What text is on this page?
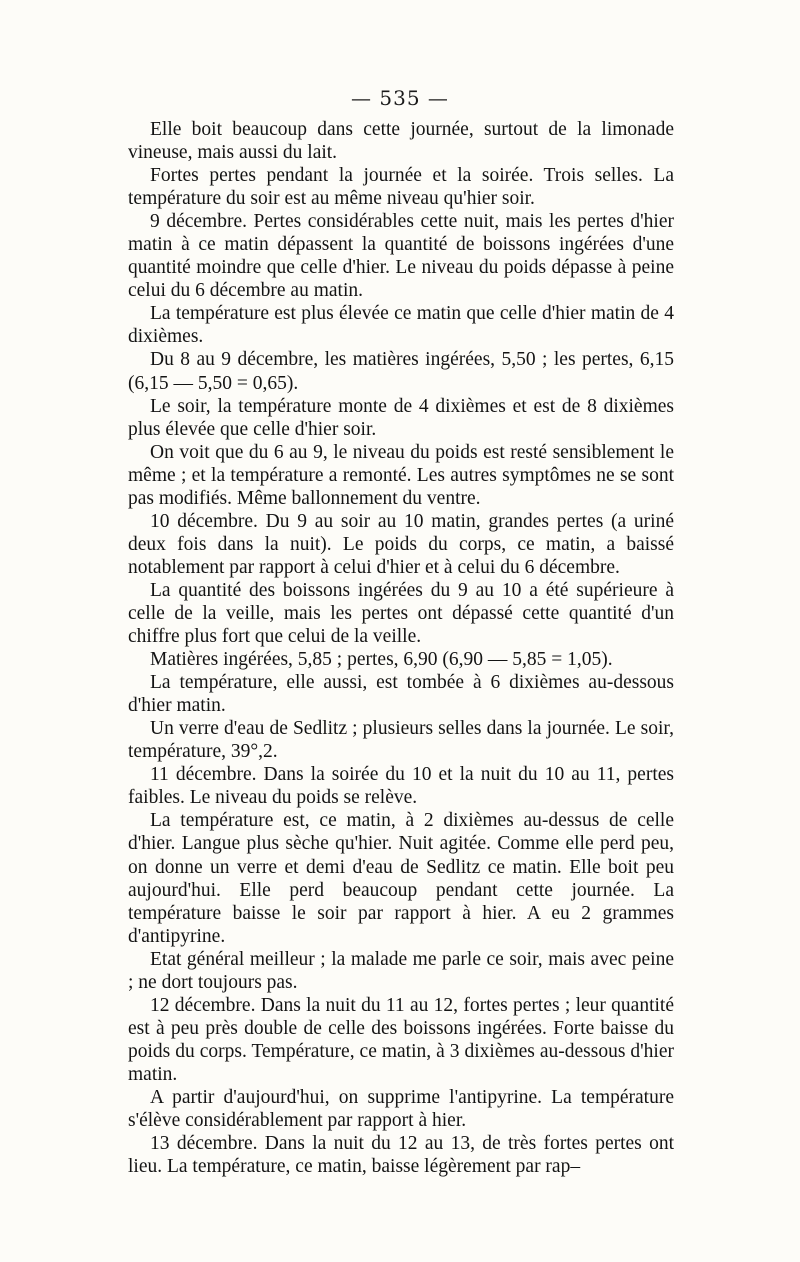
— 535 —

Elle boit beaucoup dans cette journée, surtout de la limonade vineuse, mais aussi du lait.

Fortes pertes pendant la journée et la soirée. Trois selles. La température du soir est au même niveau qu'hier soir.

9 décembre. Pertes considérables cette nuit, mais les pertes d'hier matin à ce matin dépassent la quantité de boissons ingérées d'une quantité moindre que celle d'hier. Le niveau du poids dépasse à peine celui du 6 décembre au matin.

La température est plus élevée ce matin que celle d'hier matin de 4 dixièmes.

Du 8 au 9 décembre, les matières ingérées, 5,50 ; les pertes, 6,15 (6,15 — 5,50 = 0,65).

Le soir, la température monte de 4 dixièmes et est de 8 dixièmes plus élevée que celle d'hier soir.

On voit que du 6 au 9, le niveau du poids est resté sensiblement le même ; et la température a remonté. Les autres symptômes ne se sont pas modifiés. Même ballonnement du ventre.

10 décembre. Du 9 au soir au 10 matin, grandes pertes (a uriné deux fois dans la nuit). Le poids du corps, ce matin, a baissé notablement par rapport à celui d'hier et à celui du 6 décembre.

La quantité des boissons ingérées du 9 au 10 a été supérieure à celle de la veille, mais les pertes ont dépassé cette quantité d'un chiffre plus fort que celui de la veille.

Matières ingérées, 5,85 ; pertes, 6,90 (6,90 — 5,85 = 1,05).

La température, elle aussi, est tombée à 6 dixièmes au-dessous d'hier matin.

Un verre d'eau de Sedlitz ; plusieurs selles dans la journée. Le soir, température, 39°,2.

11 décembre. Dans la soirée du 10 et la nuit du 10 au 11, pertes faibles. Le niveau du poids se relève.

La température est, ce matin, à 2 dixièmes au-dessus de celle d'hier. Langue plus sèche qu'hier. Nuit agitée. Comme elle perd peu, on donne un verre et demi d'eau de Sedlitz ce matin. Elle boit peu aujourd'hui. Elle perd beaucoup pendant cette journée. La température baisse le soir par rapport à hier. A eu 2 grammes d'antipyrine.

Etat général meilleur ; la malade me parle ce soir, mais avec peine ; ne dort toujours pas.

12 décembre. Dans la nuit du 11 au 12, fortes pertes ; leur quantité est à peu près double de celle des boissons ingérées. Forte baisse du poids du corps. Température, ce matin, à 3 dixièmes au-dessous d'hier matin.

A partir d'aujourd'hui, on supprime l'antipyrine. La température s'élève considérablement par rapport à hier.

13 décembre. Dans la nuit du 12 au 13, de très fortes pertes ont lieu. La température, ce matin, baisse légèrement par rap–
